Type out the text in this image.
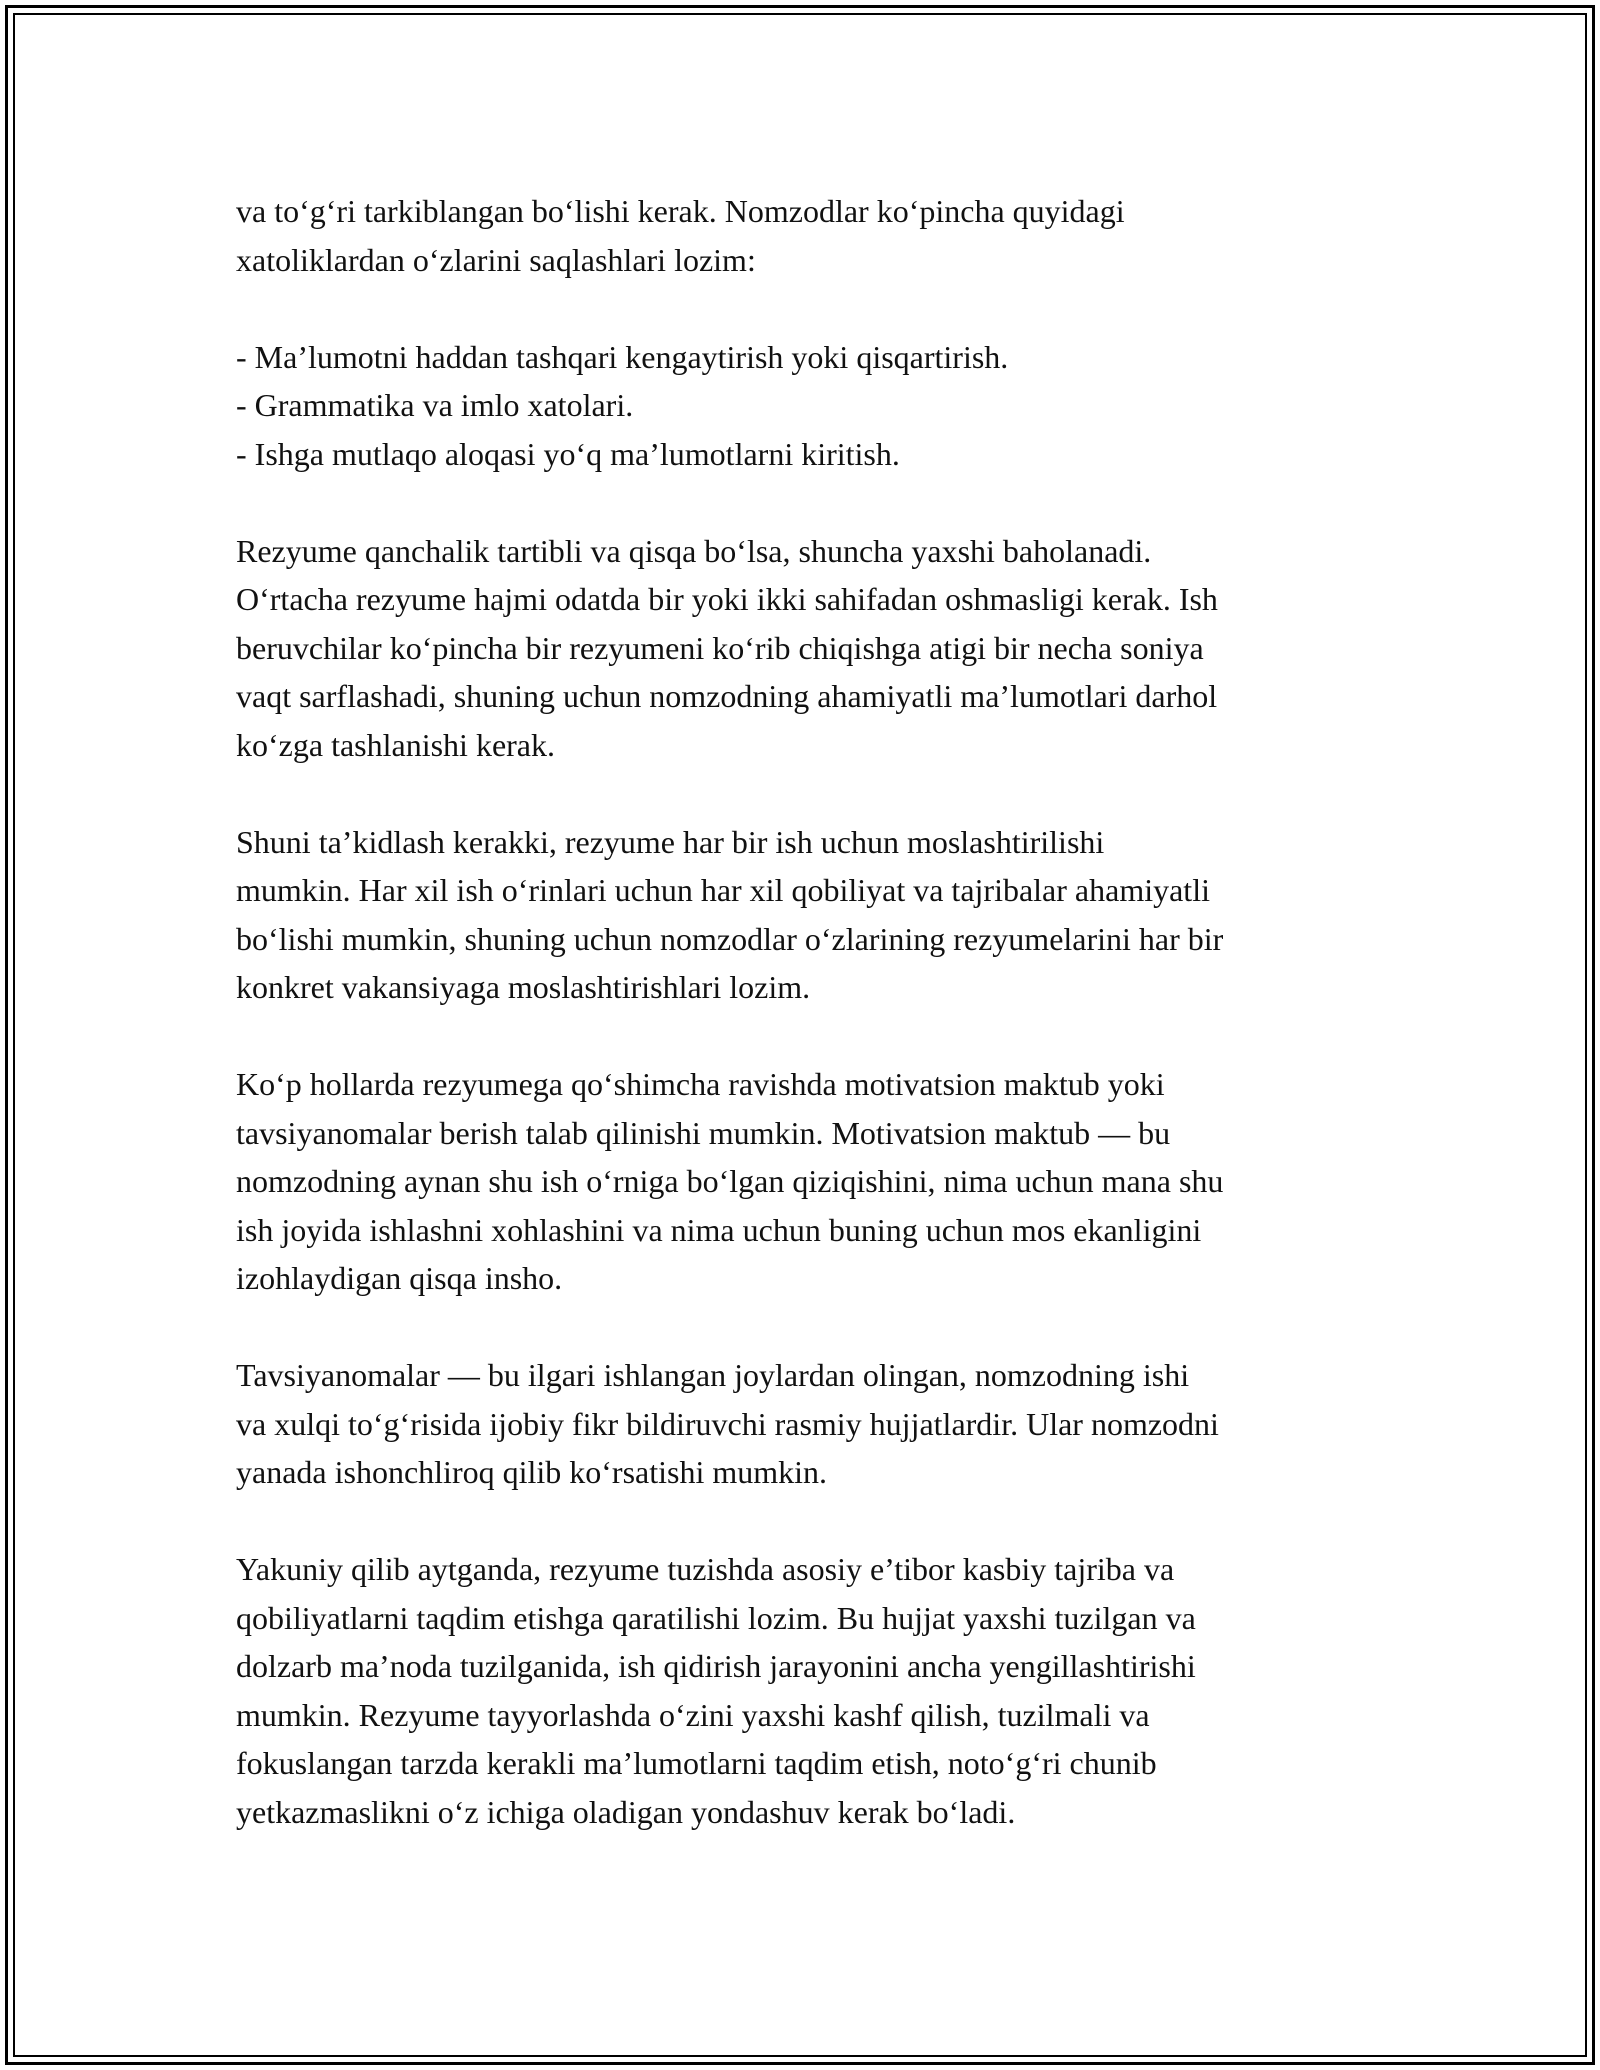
va to‘g‘ri tarkiblangan bo‘lishi kerak. Nomzodlar ko‘pincha quyidagi
xatoliklardan o‘zlarini saqlashlari lozim:

- Ma’lumotni haddan tashqari kengaytirish yoki qisqartirish.
- Grammatika va imlo xatolari.
- Ishga mutlaqo aloqasi yo‘q ma’lumotlarni kiritish.

Rezyume qanchalik tartibli va qisqa bo‘lsa, shuncha yaxshi baholanadi.
O‘rtacha rezyume hajmi odatda bir yoki ikki sahifadan oshmasligi kerak. Ish
beruvchilar ko‘pincha bir rezyumeni ko‘rib chiqishga atigi bir necha soniya
vaqt sarflashadi, shuning uchun nomzodning ahamiyatli ma’lumotlari darhol
ko‘zga tashlanishi kerak.

Shuni ta’kidlash kerakki, rezyume har bir ish uchun moslashtirilishi
mumkin. Har xil ish o‘rinlari uchun har xil qobiliyat va tajribalar ahamiyatli
bo‘lishi mumkin, shuning uchun nomzodlar o‘zlarining rezyumelarini har bir
konkret vakansiyaga moslashtirishlari lozim.

Ko‘p hollarda rezyumega qo‘shimcha ravishda motivatsion maktub yoki
tavsiyanomalar berish talab qilinishi mumkin. Motivatsion maktub — bu
nomzodning aynan shu ish o‘rniga bo‘lgan qiziqishini, nima uchun mana shu
ish joyida ishlashni xohlashini va nima uchun buning uchun mos ekanligini
izohlaydigan qisqa insho.

Tavsiyanomalar — bu ilgari ishlangan joylardan olingan, nomzodning ishi
va xulqi to‘g‘risida ijobiy fikr bildiruvchi rasmiy hujjatlardir. Ular nomzodni
yanada ishonchliroq qilib ko‘rsatishi mumkin.

Yakuniy qilib aytganda, rezyume tuzishda asosiy e’tibor kasbiy tajriba va
qobiliyatlarni taqdim etishga qaratilishi lozim. Bu hujjat yaxshi tuzilgan va
dolzarb ma’noda tuzilganida, ish qidirish jarayonini ancha yengillashtirishi
mumkin. Rezyume tayyorlashda o‘zini yaxshi kashf qilish, tuzilmali va
fokuslangan tarzda kerakli ma’lumotlarni taqdim etish, noto‘g‘ri chunib
yetkazmaslikni o‘z ichiga oladigan yondashuv kerak bo‘ladi.
